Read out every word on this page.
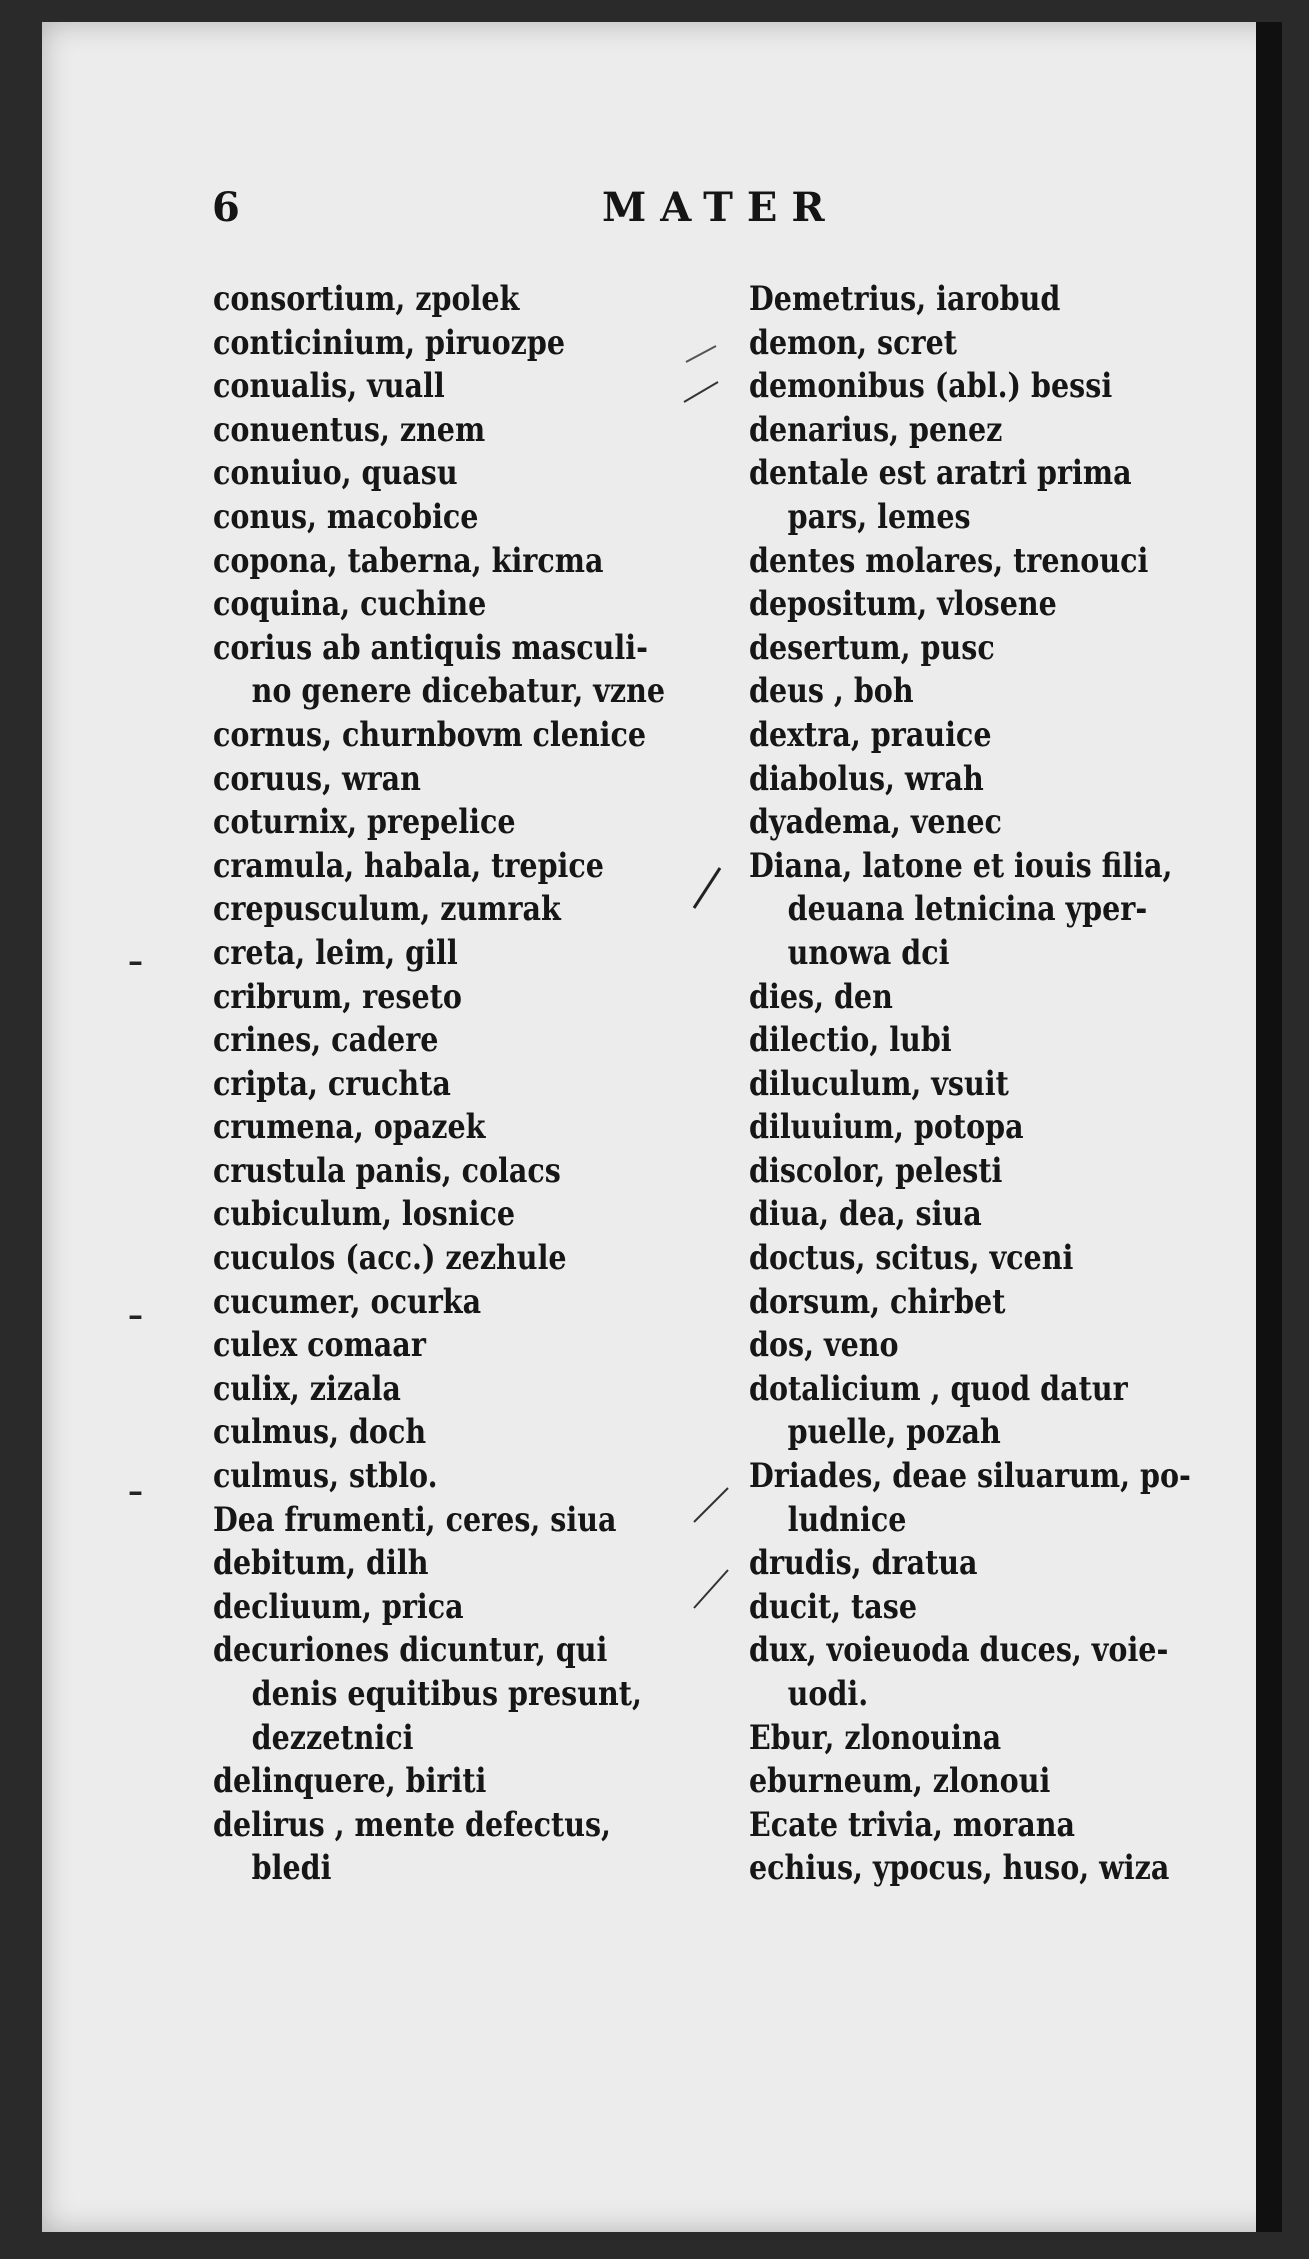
6	MATER
consortium, zpolek
conticinium, piruozpe
conualis, vuall
conuentus, znem
conuiuo, quasu
conus, macobice
copona, taberna, kircma
coquina, cuchine
corius ab antiquis masculi-
no genere dicebatur, vzne
cornus, churnbovm clenice
coruus, wran
coturnix, prepelice
cramula, habala, trepice
crepusculum, zumrak
creta, leim, gill
cribrum, reseto
crines, cadere
cripta, cruchta
crumena, opazek
crustula panis, colacs
cubiculum, losnice
cuculos (acc.) zezhule
cucumer, ocurka
culex comaar
culix, zizala
culmus, doch
culmus, stblo.
Dea frumenti, ceres, siua
debitum, dilh
decliuum, prica
decuriones dicuntur, qui
denis equitibus presunt,
dezzetnici
delinquere, biriti
delirus , mente defectus,
bledi
Demetrius, iarobud
demon, scret
demonibus (abl.) bessi
denarius, penez
dentale est aratri prima
pars, lemes
dentes molares, trenouci
depositum, vlosene
desertum, pusc
deus , boh
dextra, prauice
diabolus, wrah
dyadema, venec
Diana, latone et iouis filia,
deuana letnicina yper-
unowa dci
dies, den
dilectio, lubi
diluculum, vsuit
diluuium, potopa
discolor, pelesti
diua, dea, siua
doctus, scitus, vceni
dorsum, chirbet
dos, veno
dotalicium , quod datur
puelle, pozah
Driades, deae siluarum, po-
ludnice
drudis, dratua
ducit, tase
dux, voieuoda duces, voie-
uodi.
Ebur, zlonouina
eburneum, zlonoui
Ecate trivia, morana
echius, ypocus, huso, wiza
–
–
–
